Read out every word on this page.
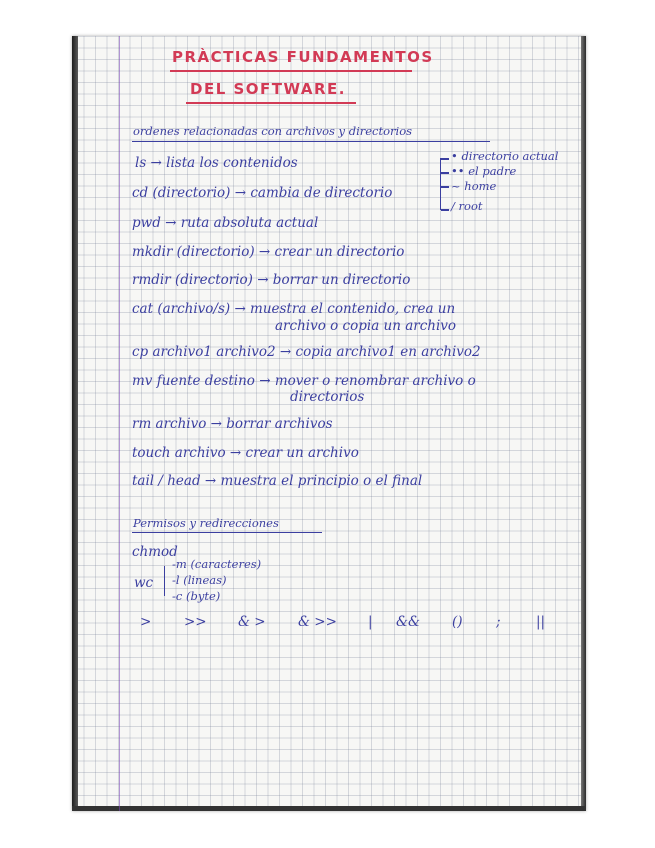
PRÀCTICAS FUNDAMENTOS
DEL SOFTWARE.
ordenes relacionadas con archivos y directorios
ls → lista los contenidos
cd (directorio) → cambia de directorio
pwd → ruta absoluta actual
mkdir (directorio) → crear un directorio
rmdir (directorio) → borrar un directorio
cat (archivo/s) → muestra el contenido, crea un
archivo o copia un archivo
cp archivo1 archivo2 → copia archivo1 en archivo2
mv fuente destino → mover o renombrar archivo o
directorios
rm archivo → borrar archivos
touch archivo → crear un archivo
tail / head → muestra el principio o el final
• directorio actual
•• el padre
~ home
/ root
Permisos y redirecciones
chmod
wc
-m (caracteres)
-l (lineas)
-c (byte)
> >> & > & >> | && () ;	||
